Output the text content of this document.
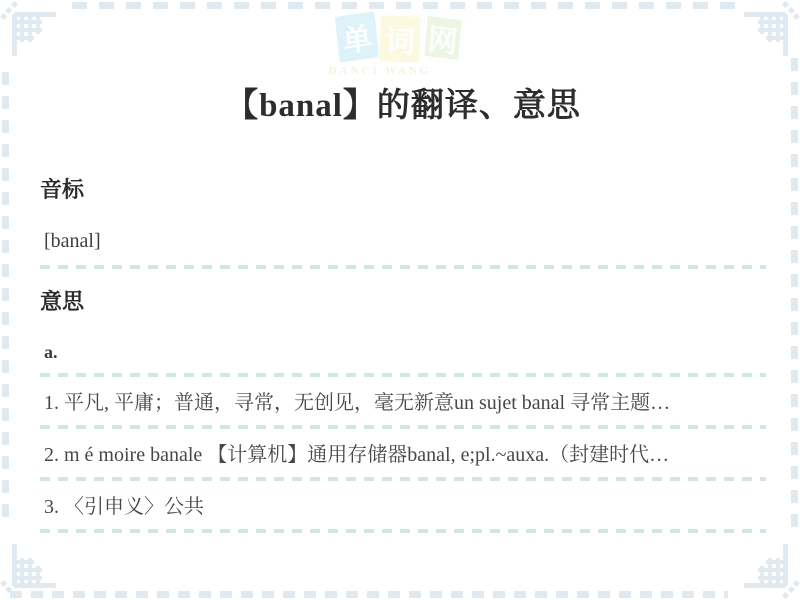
单 词 网
DANCI WANG
【banal】的翻译、意思
音标
[banal]
意思
a.
1. 平凡, 平庸；普通，寻常，无创见，毫无新意un sujet banal 寻常主题…
2. m é moire banale 【计算机】通用存储器banal, e;pl.~auxa.（封建时代…
3. 〈引申义〉公共
